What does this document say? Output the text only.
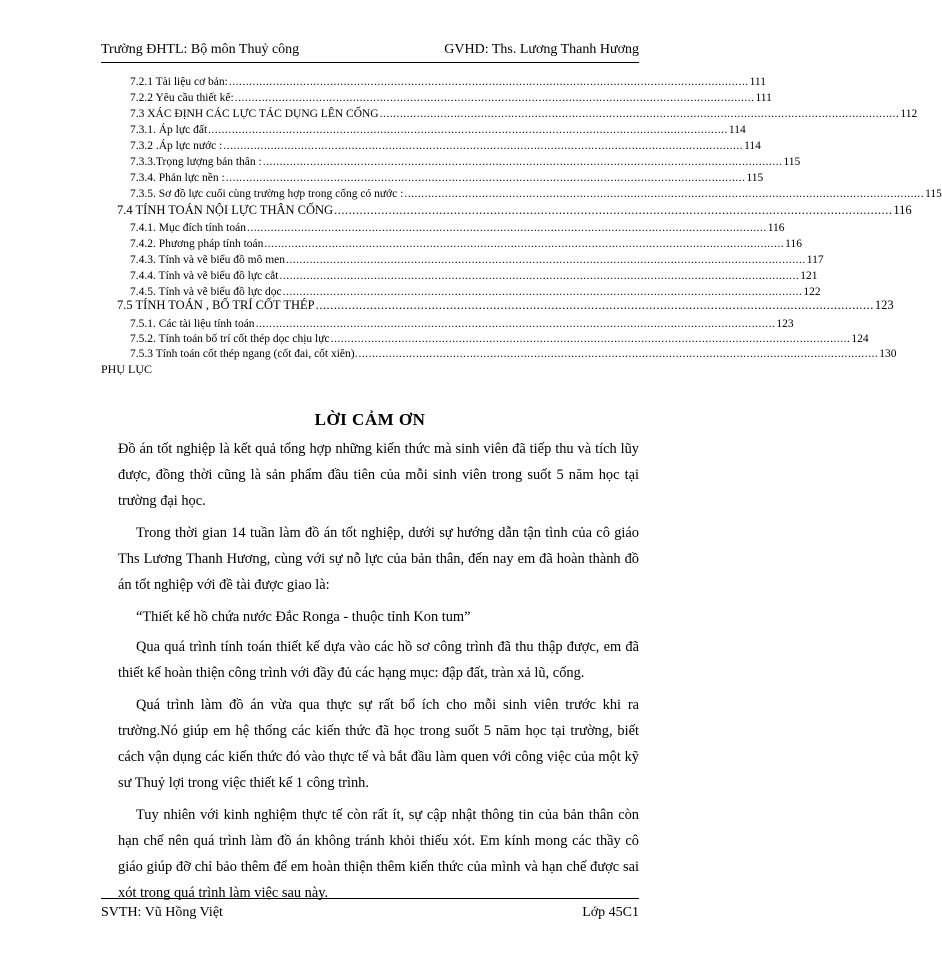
Trường ĐHTL: Bộ môn Thuỷ công	GVHD: Ths. Lương Thanh Hương
7.2.1 Tài liệu cơ bản: .......................................................................................................................................................... 111
7.2.2 Yêu cầu thiết kế: .......................................................................................................................................................... 111
7.3 XÁC ĐỊNH CÁC LỰC TÁC DỤNG LÊN CỐNG .......................................................................................................................................................... 112
7.3.1. Áp lực đất .......................................................................................................................................................... 114
7.3.2 .Áp lực nước : .......................................................................................................................................................... 114
7.3.3.Trọng lượng bản thân : .......................................................................................................................................................... 115
7.3.4. Phản lực nền : .......................................................................................................................................................... 115
7.3.5. Sơ đồ lực cuối cùng trường hợp trong cống có nước : .......................................................................................................................................................... 115
7.4 TÍNH TOÁN NỘI LỰC THÂN CỐNG .......................................................................................................................................................... 116
7.4.1. Mục đích tính toán .......................................................................................................................................................... 116
7.4.2. Phương pháp tính toán .......................................................................................................................................................... 116
7.4.3. Tính và vẽ biểu đồ mô men .......................................................................................................................................................... 117
7.4.4. Tính và vẽ biểu đồ lực cắt .......................................................................................................................................................... 121
7.4.5. Tính và vẽ biểu đồ lực dọc .......................................................................................................................................................... 122
7.5 TÍNH TOÁN , BỐ TRÍ CỐT THÉP .......................................................................................................................................................... 123
7.5.1. Các tài liệu tính toán .......................................................................................................................................................... 123
7.5.2. Tính toán bố trí cốt thép dọc chịu lực .......................................................................................................................................................... 124
7.5.3 Tính toán cốt thép ngang (cốt đai, cốt xiên). .......................................................................................................................................................... 130
PHỤ LỤC
LỜI CẢM ƠN

Đồ án tốt nghiệp là kết quả tổng hợp những kiến thức mà sinh viên đã tiếp thu và tích lũy được, đồng thời cũng là sản phẩm đầu tiên của mỗi sinh viên trong suốt 5 năm học tại trường đại học.

Trong thời gian 14 tuần làm đồ án tốt nghiệp, dưới sự hướng dẫn tận tình của cô giáo Ths Lương Thanh Hương, cùng với sự nỗ lực của bản thân, đến nay em đã hoàn thành đồ án tốt nghiệp với đề tài được giao là:

“Thiết kế hồ chứa nước Đắc Ronga - thuộc tỉnh Kon tum”

Qua quá trình tính toán thiết kế dựa vào các hồ sơ công trình đã thu thập được, em đã thiết kế hoàn thiện công trình với đầy đủ các hạng mục: đập đất, tràn xả lũ, cống.

Quá trình làm đồ án vừa qua thực sự rất bổ ích cho mỗi sinh viên trước khi ra trường.Nó giúp em hệ thống các kiến thức đã học trong suốt 5 năm học tại trường, biết cách vận dụng các kiến thức đó vào thực tế và bắt đầu làm quen với công việc của một kỹ sư Thuỷ lợi trong việc thiết kế 1 công trình.

Tuy nhiên với kinh nghiệm thực tế còn rất ít, sự cập nhật thông tin của bản thân còn hạn chế nên quá trình làm đồ án không tránh khỏi thiếu xót. Em kính mong các thầy cô giáo giúp đỡ chỉ bảo thêm để em hoàn thiện thêm kiến thức của mình và hạn chế được sai xót trong quá trình làm việc sau này.

SVTH: Vũ Hồng Việt	Lớp 45C1
